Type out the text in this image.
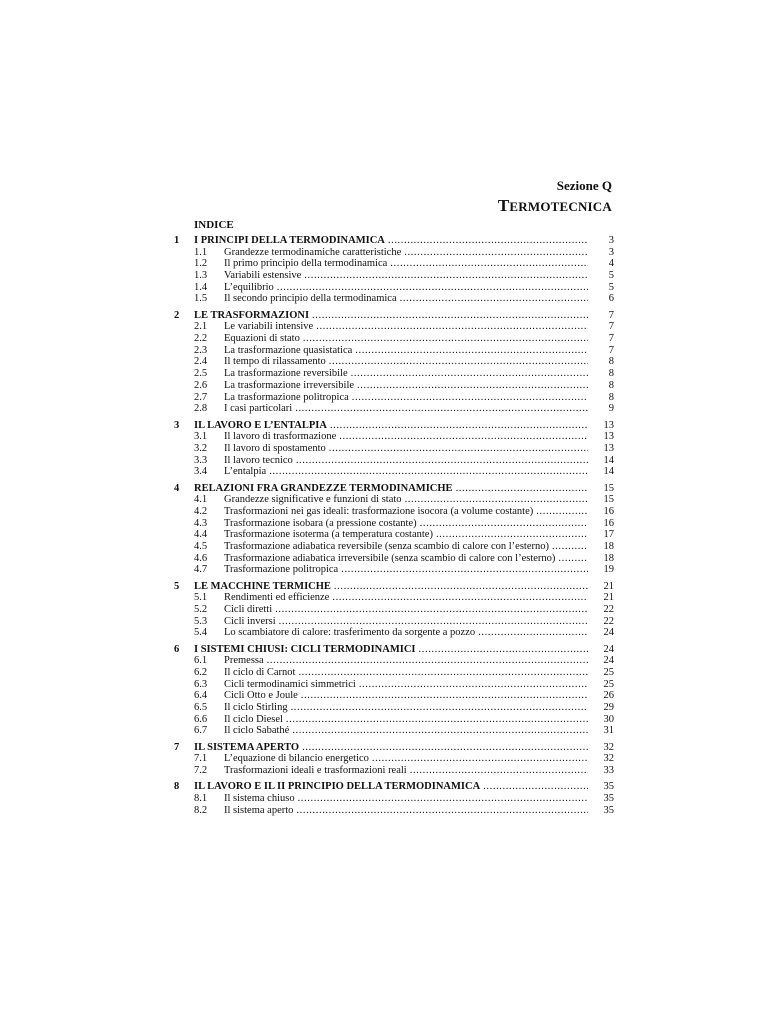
Sezione Q
TERMOTECNICA
INDICE
1 I PRINCIPI DELLA TERMODINAMICA .....	3
1.1 Grandezze termodinamiche caratteristiche .....	3
1.2 Il primo principio della termodinamica .....	4
1.3 Variabili estensive .....	5
1.4 L’equilibrio .....	5
1.5 Il secondo principio della termodinamica .....	6
2 LE TRASFORMAZIONI .....	7
2.1 Le variabili intensive .....	7
2.2 Equazioni di stato .....	7
2.3 La trasformazione quasistatica .....	7
2.4 Il tempo di rilassamento .....	8
2.5 La trasformazione reversibile .....	8
2.6 La trasformazione irreversibile .....	8
2.7 La trasformazione politropica .....	8
2.8 I casi particolari .....	9
3 IL LAVORO E L’ENTALPIA .....	13
3.1 Il lavoro di trasformazione .....	13
3.2 Il lavoro di spostamento .....	13
3.3 Il lavoro tecnico .....	14
3.4 L’entalpia .....	14
4 RELAZIONI FRA GRANDEZZE TERMODINAMICHE .....	15
4.1 Grandezze significative e funzioni di stato .....	15
4.2 Trasformazioni nei gas ideali: trasformazione isocora (a volume costante) .....	16
4.3 Trasformazione isobara (a pressione costante) .....	16
4.4 Trasformazione isoterma (a temperatura costante) .....	17
4.5 Trasformazione adiabatica reversibile (senza scambio di calore con l’esterno) .....	18
4.6 Trasformazione adiabatica irreversibile (senza scambio di calore con l’esterno) .....	18
4.7 Trasformazione politropica .....	19
5 LE MACCHINE TERMICHE .....	21
5.1 Rendimenti ed efficienze .....	21
5.2 Cicli diretti .....	22
5.3 Cicli inversi .....	22
5.4 Lo scambiatore di calore: trasferimento da sorgente a pozzo .....	24
6 I SISTEMI CHIUSI: CICLI TERMODINAMICI .....	24
6.1 Premessa .....	24
6.2 Il ciclo di Carnot .....	25
6.3 Cicli termodinamici simmetrici .....	25
6.4 Cicli Otto e Joule .....	26
6.5 Il ciclo Stirling .....	29
6.6 Il ciclo Diesel .....	30
6.7 Il ciclo Sabathé .....	31
7 IL SISTEMA APERTO .....	32
7.1 L’equazione di bilancio energetico .....	32
7.2 Trasformazioni ideali e trasformazioni reali .....	33
8 IL LAVORO E IL II PRINCIPIO DELLA TERMODINAMICA .....	35
8.1 Il sistema chiuso .....	35
8.2 Il sistema aperto .....	35
